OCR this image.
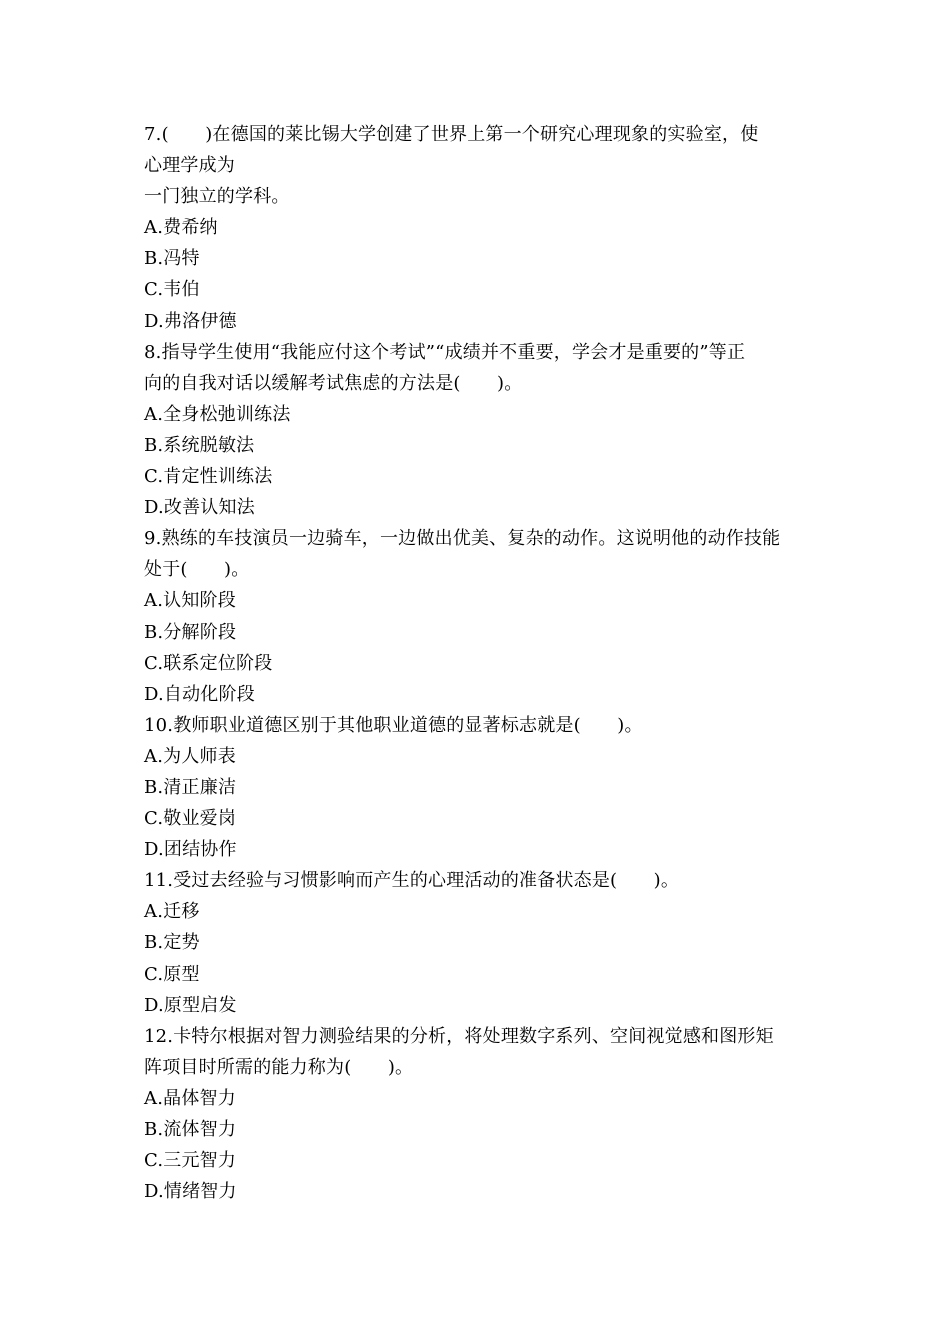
7.(　　)在德国的莱比锡大学创建了世界上第一个研究心理现象的实验室，使
心理学成为
一门独立的学科。
A.费希纳
B.冯特
C.韦伯
D.弗洛伊德
8.指导学生使用“我能应付这个考试”“成绩并不重要，学会才是重要的”等正
向的自我对话以缓解考试焦虑的方法是(　　)。
A.全身松弛训练法
B.系统脱敏法
C.肯定性训练法
D.改善认知法
9.熟练的车技演员一边骑车，一边做出优美、复杂的动作。这说明他的动作技能
处于(　　)。
A.认知阶段
B.分解阶段
C.联系定位阶段
D.自动化阶段
10.教师职业道德区别于其他职业道德的显著标志就是(　　)。
A.为人师表
B.清正廉洁
C.敬业爱岗
D.团结协作
11.受过去经验与习惯影响而产生的心理活动的准备状态是(　　)。
A.迁移
B.定势
C.原型
D.原型启发
12.卡特尔根据对智力测验结果的分析，将处理数字系列、空间视觉感和图形矩
阵项目时所需的能力称为(　　)。
A.晶体智力
B.流体智力
C.三元智力
D.情绪智力
